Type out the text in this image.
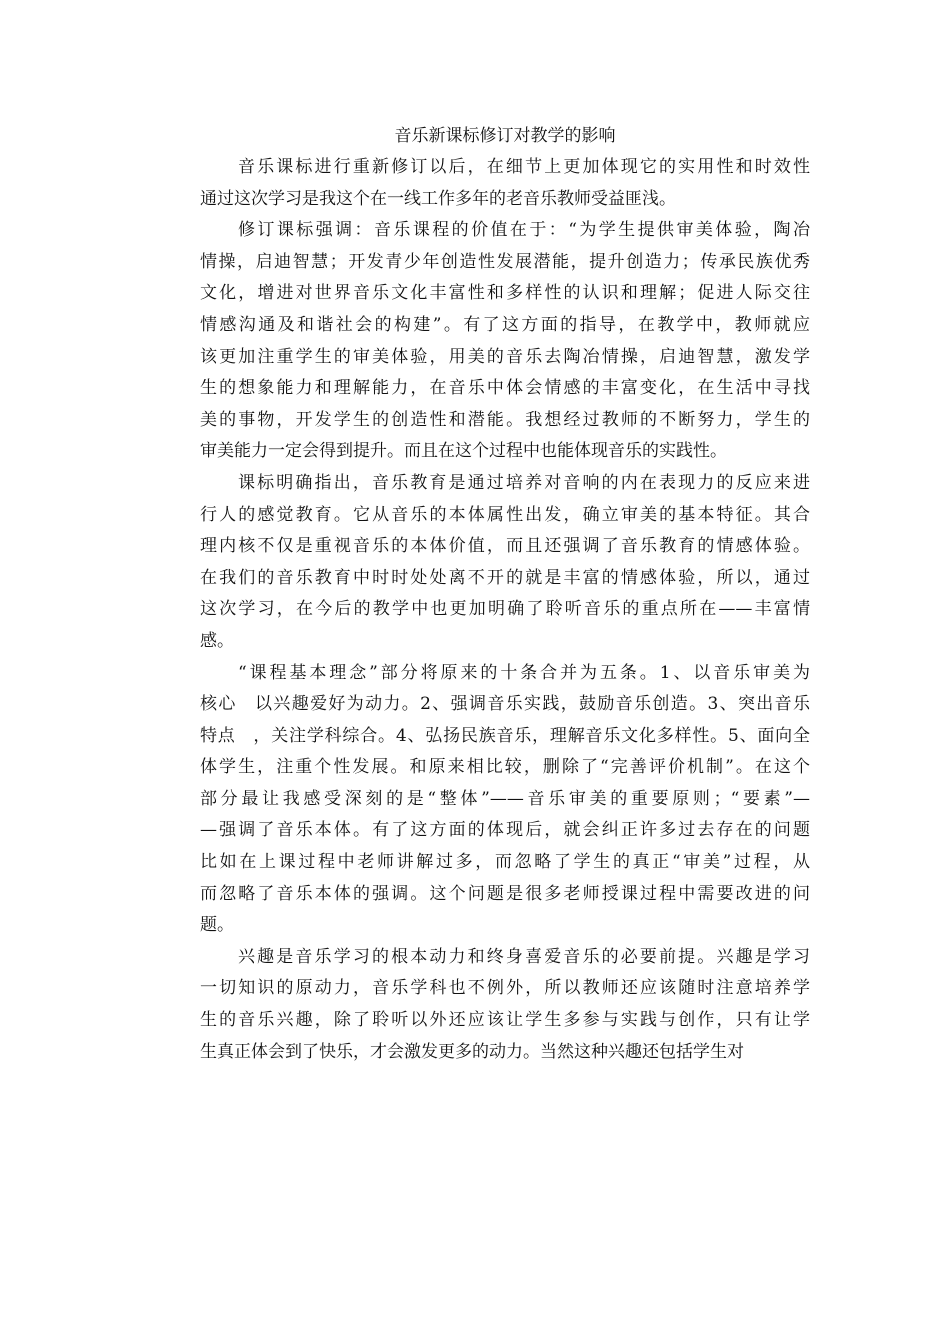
音乐新课标修订对教学的影响

音乐课标进行重新修订以后，在细节上更加体现它的实用性和时效性
通过这次学习是我这个在一线工作多年的老音乐教师受益匪浅。

修订课标强调：音乐课程的价值在于：“为学生提供审美体验，陶冶
情操，启迪智慧；开发青少年创造性发展潜能，提升创造力；传承民族优秀
文化，增进对世界音乐文化丰富性和多样性的认识和理解；促进人际交往
情感沟通及和谐社会的构建”。有了这方面的指导，在教学中，教师就应
该更加注重学生的审美体验，用美的音乐去陶冶情操，启迪智慧，激发学
生的想象能力和理解能力，在音乐中体会情感的丰富变化，在生活中寻找
美的事物，开发学生的创造性和潜能。我想经过教师的不断努力，学生的
审美能力一定会得到提升。而且在这个过程中也能体现音乐的实践性。

课标明确指出，音乐教育是通过培养对音响的内在表现力的反应来进
行人的感觉教育。它从音乐的本体属性出发，确立审美的基本特征。其合
理内核不仅是重视音乐的本体价值，而且还强调了音乐教育的情感体验。
在我们的音乐教育中时时处处离不开的就是丰富的情感体验，所以，通过
这次学习，在今后的教学中也更加明确了聆听音乐的重点所在——丰富情
感。

“课程基本理念”部分将原来的十条合并为五条。1、以音乐审美为
核心　以兴趣爱好为动力。2、强调音乐实践，鼓励音乐创造。3、突出音乐
特点　，关注学科综合。4、弘扬民族音乐，理解音乐文化多样性。5、面向全
体学生，注重个性发展。和原来相比较，删除了“完善评价机制”。在这个
部分最让我感受深刻的是“整体”——音乐审美的重要原则；“要素”—
—强调了音乐本体。有了这方面的体现后，就会纠正许多过去存在的问题
比如在上课过程中老师讲解过多，而忽略了学生的真正“审美”过程，从
而忽略了音乐本体的强调。这个问题是很多老师授课过程中需要改进的问
题。

兴趣是音乐学习的根本动力和终身喜爱音乐的必要前提。兴趣是学习
一切知识的原动力，音乐学科也不例外，所以教师还应该随时注意培养学
生的音乐兴趣，除了聆听以外还应该让学生多参与实践与创作，只有让学
生真正体会到了快乐，才会激发更多的动力。当然这种兴趣还包括学生对
